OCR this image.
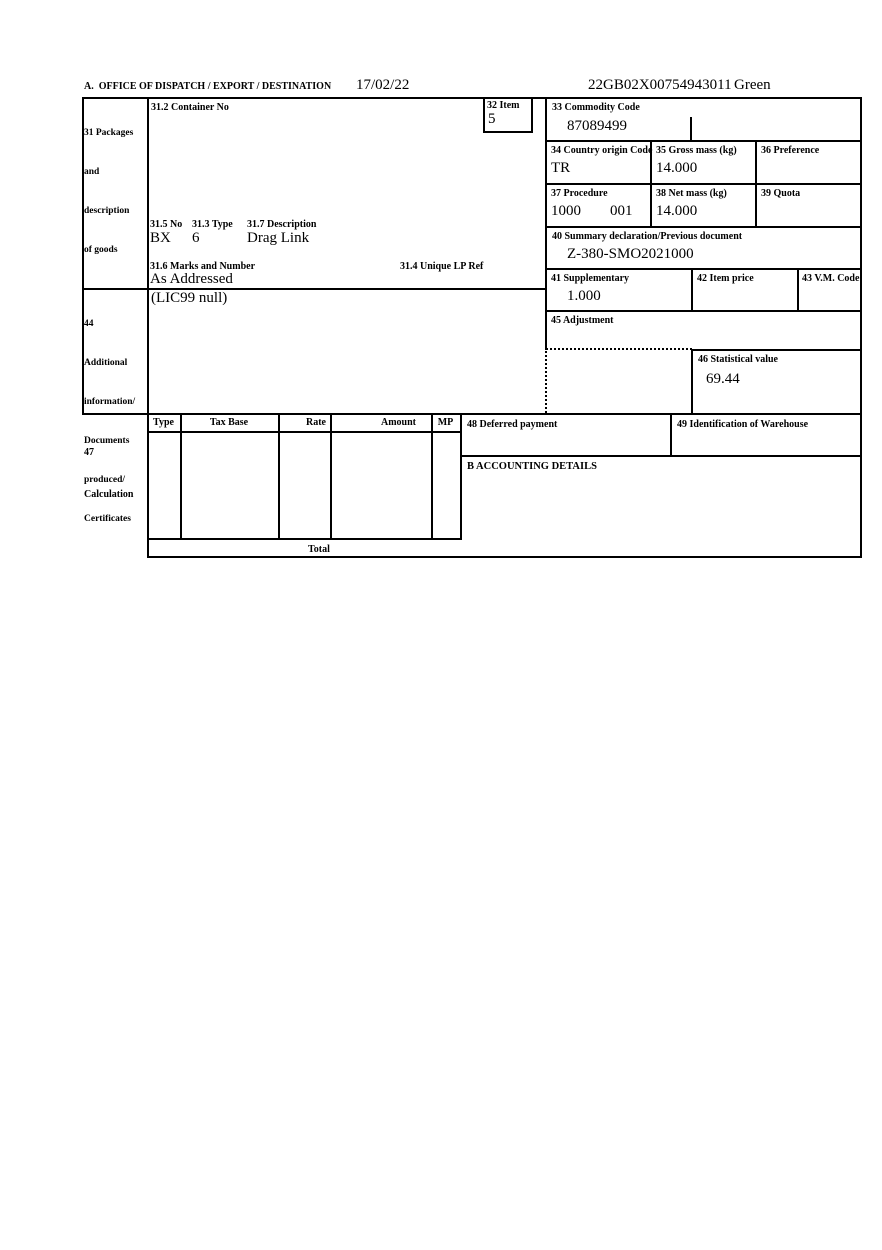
A.  OFFICE OF DISPATCH / EXPORT / DESTINATION 17/02/22	22GB02X00754943011 Green

31 Packages

and

description

of goods

31.2 Container No	32 Item
5
31.5 No 31.3 Type 31.7 Description
BX 6	Drag Link
31.6 Marks and Number	31.4 Unique LP Ref
As Addressed

44

Additional

information/

Documents

produced/

Certificates

(LIC99 null)
33 Commodity Code
87089499
34 Country origin Code
TR
35 Gross mass (kg)
14.000
36 Preference
37 Procedure
1000 001
38 Net mass (kg)
14.000
39 Quota
40 Summary declaration/Previous document
Z-380-SMO2021000
41 Supplementary
1.000
42 Item price	43 V.M. Code
45 Adjustment
46 Statistical value
69.44

47

Calculation

Type	Tax Base	Rate	Amount	MP
Total
48 Deferred payment	49 Identification of Warehouse
B ACCOUNTING DETAILS
